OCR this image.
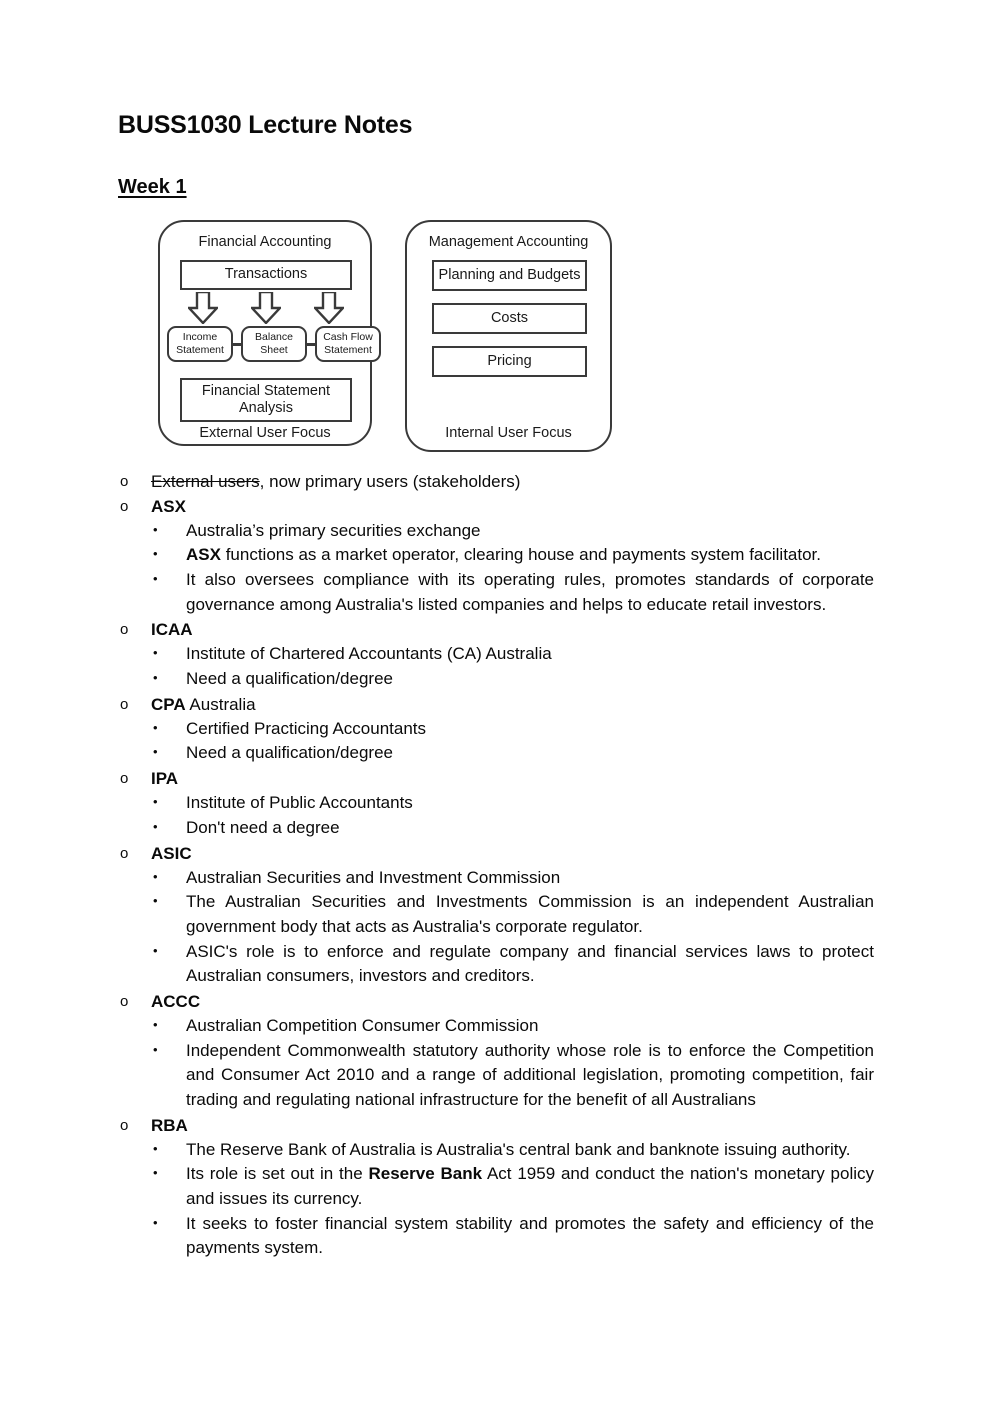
BUSS1030 Lecture Notes
Week 1
Financial Accounting
Transactions
Income Statement
Balance Sheet
Cash Flow Statement
Financial Statement Analysis
External User Focus
Management Accounting
Planning and Budgets
Costs
Pricing
Internal User Focus
o External users, now primary users (stakeholders)
o ASX
• Australia’s primary securities exchange
• ASX functions as a market operator, clearing house and payments system facilitator.
• It also oversees compliance with its operating rules, promotes standards of corporate governance among Australia's listed companies and helps to educate retail investors.
o ICAA
• Institute of Chartered Accountants (CA) Australia
• Need a qualification/degree
o CPA Australia
• Certified Practicing Accountants
• Need a qualification/degree
o IPA
• Institute of Public Accountants
• Don't need a degree
o ASIC
• Australian Securities and Investment Commission
• The Australian Securities and Investments Commission is an independent Australian government body that acts as Australia's corporate regulator.
• ASIC's role is to enforce and regulate company and financial services laws to protect Australian consumers, investors and creditors.
o ACCC
• Australian Competition Consumer Commission
• Independent Commonwealth statutory authority whose role is to enforce the Competition and Consumer Act 2010 and a range of additional legislation, promoting competition, fair trading and regulating national infrastructure for the benefit of all Australians
o RBA
• The Reserve Bank of Australia is Australia's central bank and banknote issuing authority.
• Its role is set out in the Reserve Bank Act 1959 and conduct the nation's monetary policy and issues its currency.
• It seeks to foster financial system stability and promotes the safety and efficiency of the payments system.
